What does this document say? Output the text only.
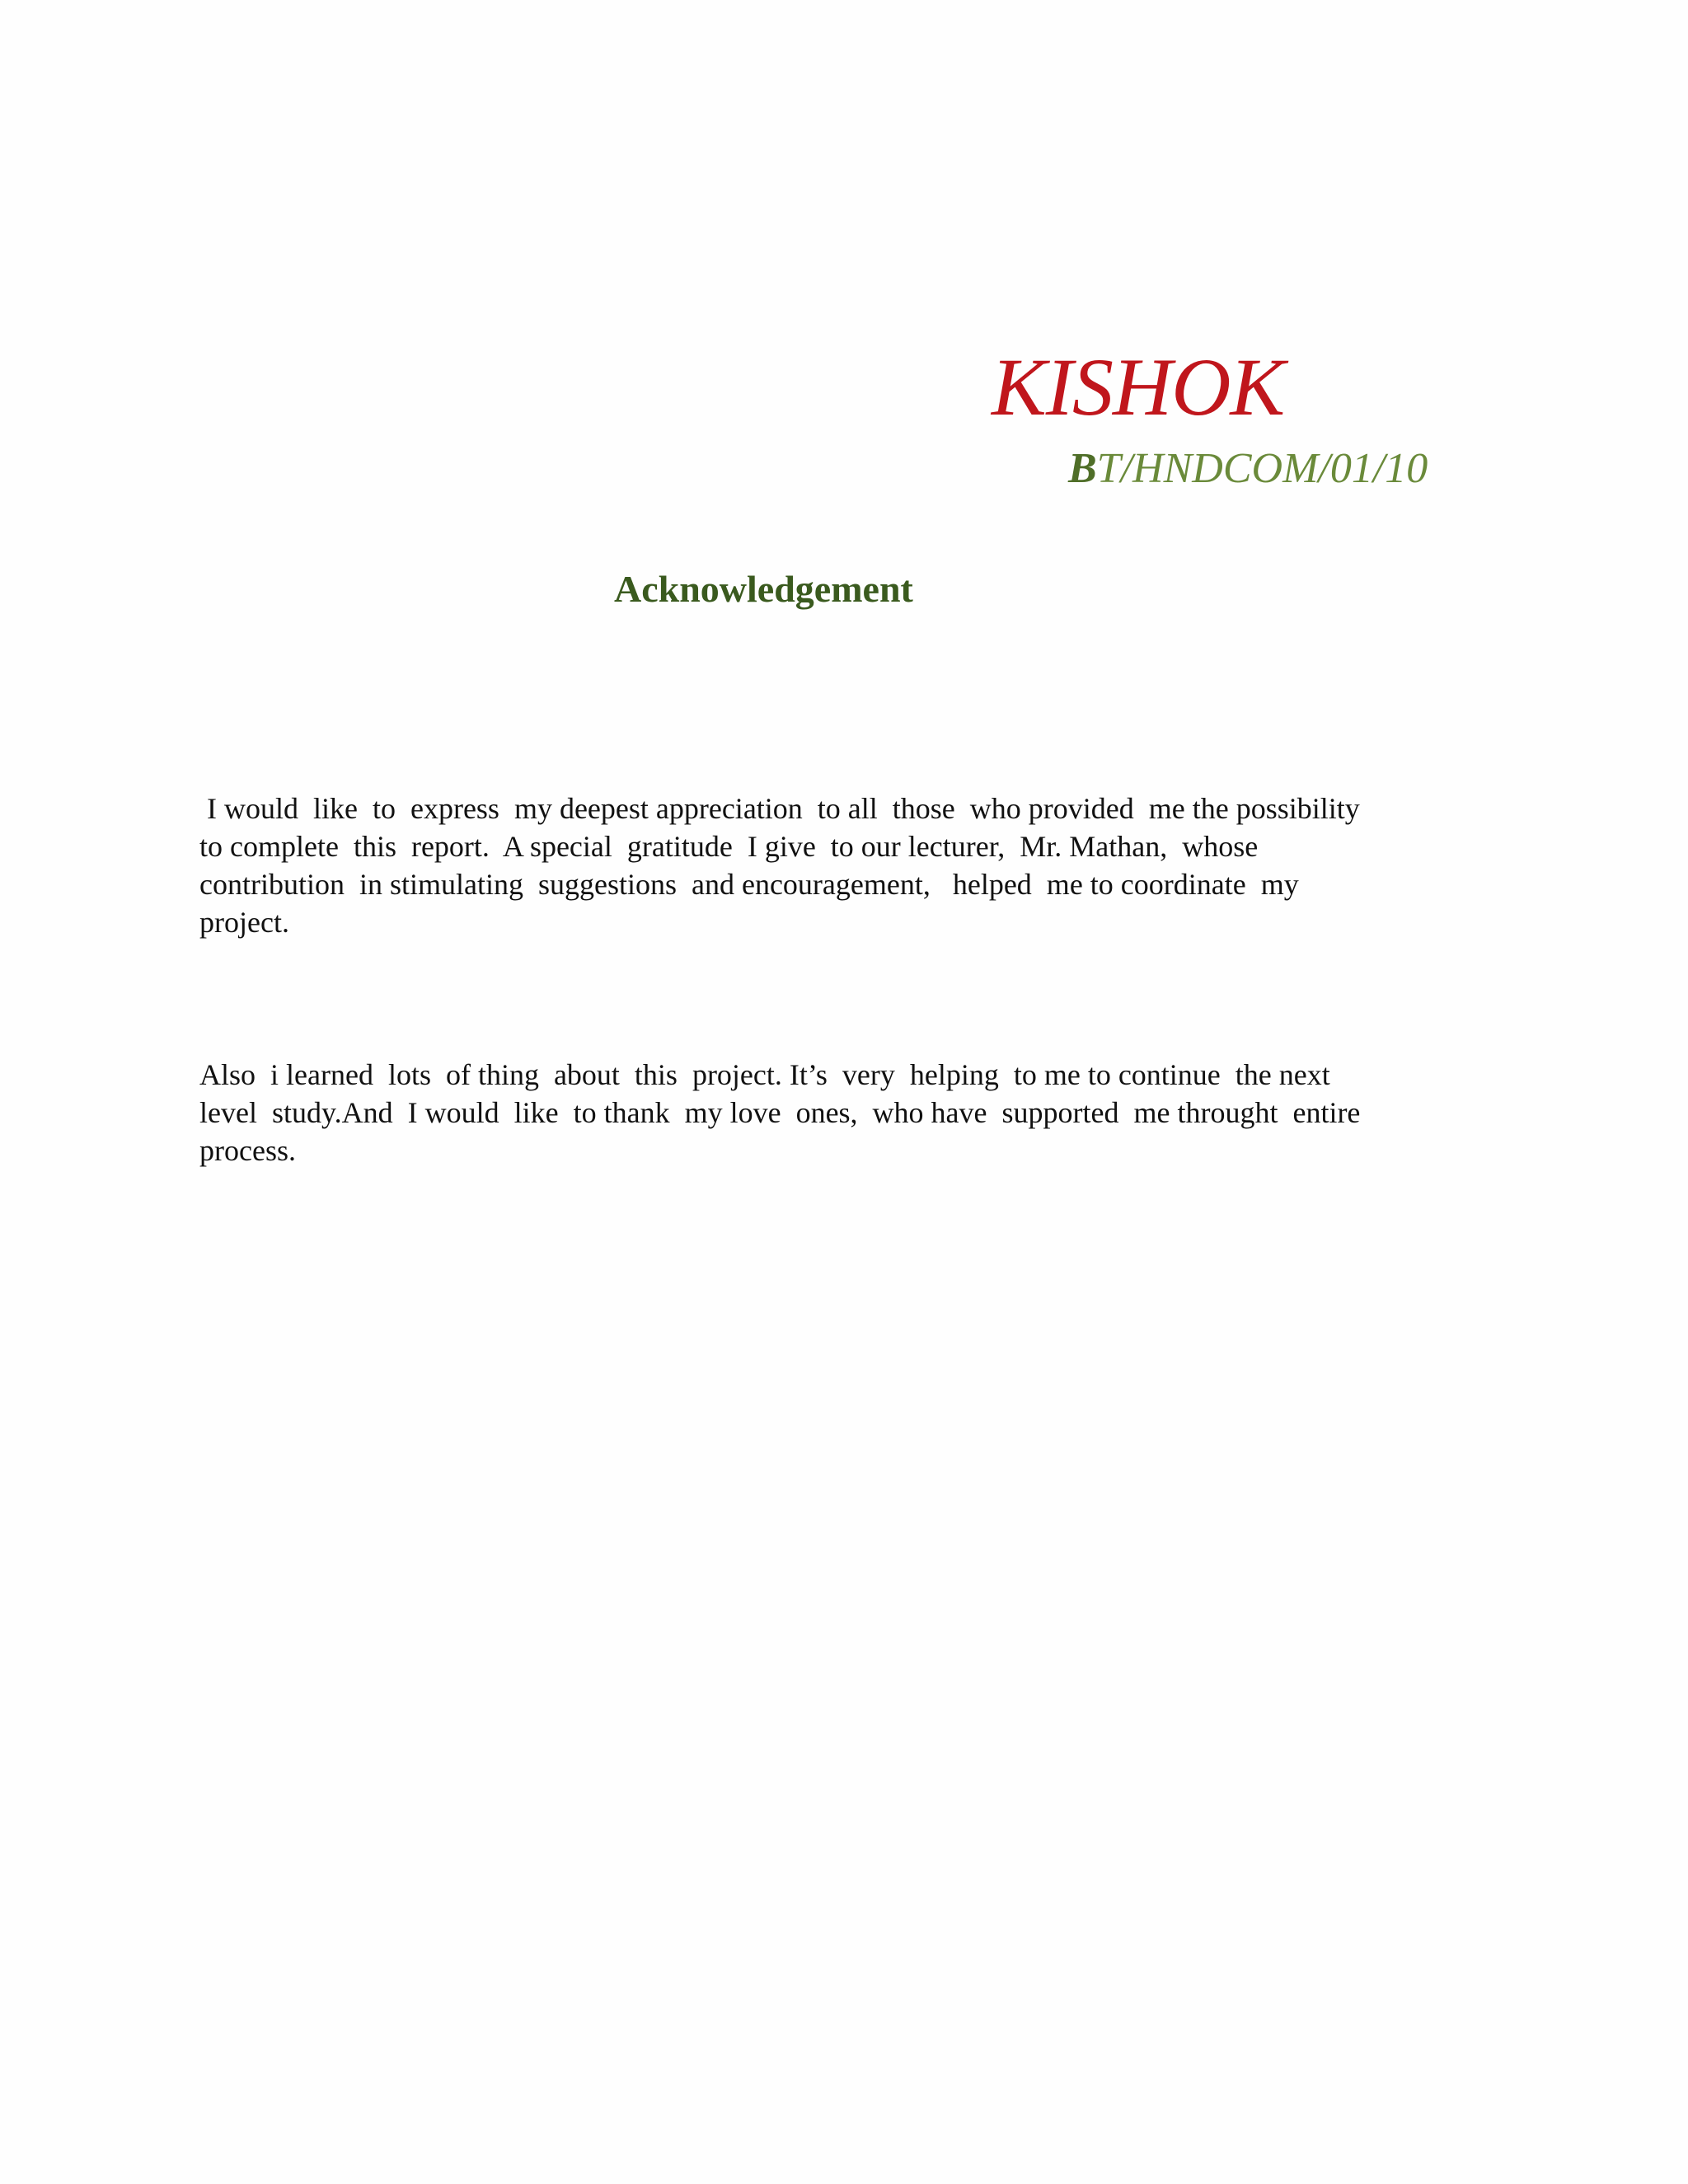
KISHOK
BT/HNDCOM/01/10
Acknowledgement
I would  like  to  express  my deepest appreciation  to all  those  who provided  me the possibility
to complete  this  report.  A special  gratitude  I give  to our lecturer,  Mr. Mathan,  whose
contribution  in stimulating  suggestions  and encouragement,   helped  me to coordinate  my
project.
Also  i learned  lots  of thing  about  this  project. It’s  very  helping  to me to continue  the next
level  study.And  I would  like  to thank  my love  ones,  who have  supported  me throught  entire
process.
